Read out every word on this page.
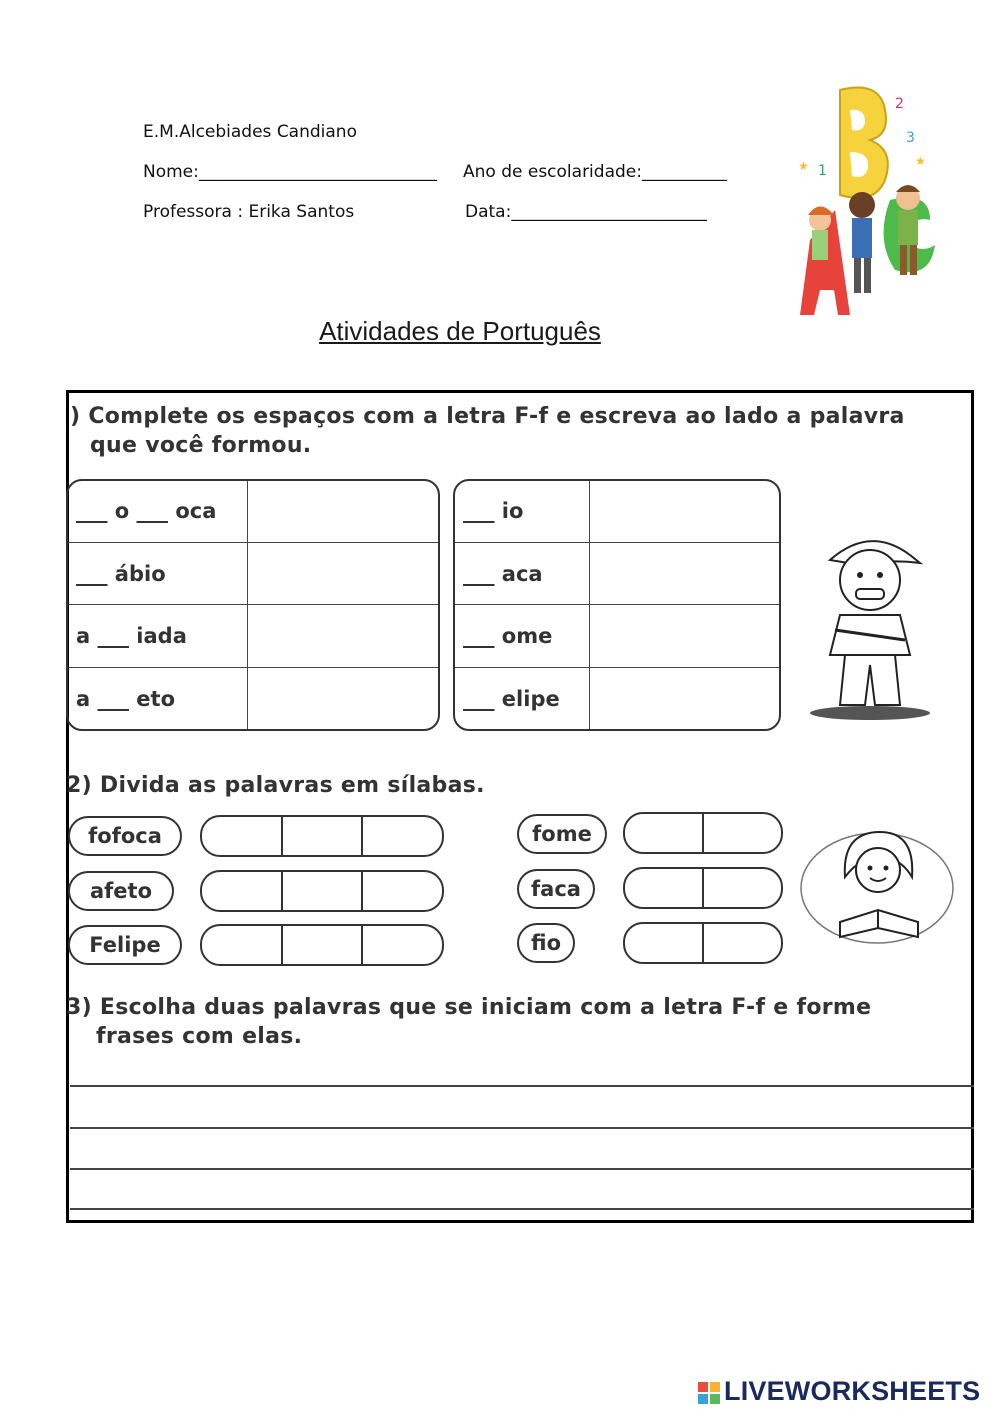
E.M.Alcebiades Candiano
Nome:____________________________ Ano de escolaridade:__________
Professora : Erika Santos	Data:_______________________
2
3
1
★	★
Atividades de Português
) Complete os espaços com a letra F-f e escreva ao lado a palavra
que você formou.
___ o ___ oca	
___ ábio	
a ___ iada	
a ___ eto	
___ io	
___ aca	
___ ome	
___ elipe	
2) Divida as palavras em sílabas.
fofoca
afeto
Felipe
fome
faca
fio
3) Escolha duas palavras que se iniciam com a letra F-f e forme
frases com elas.
LIVEWORKSHEETS
